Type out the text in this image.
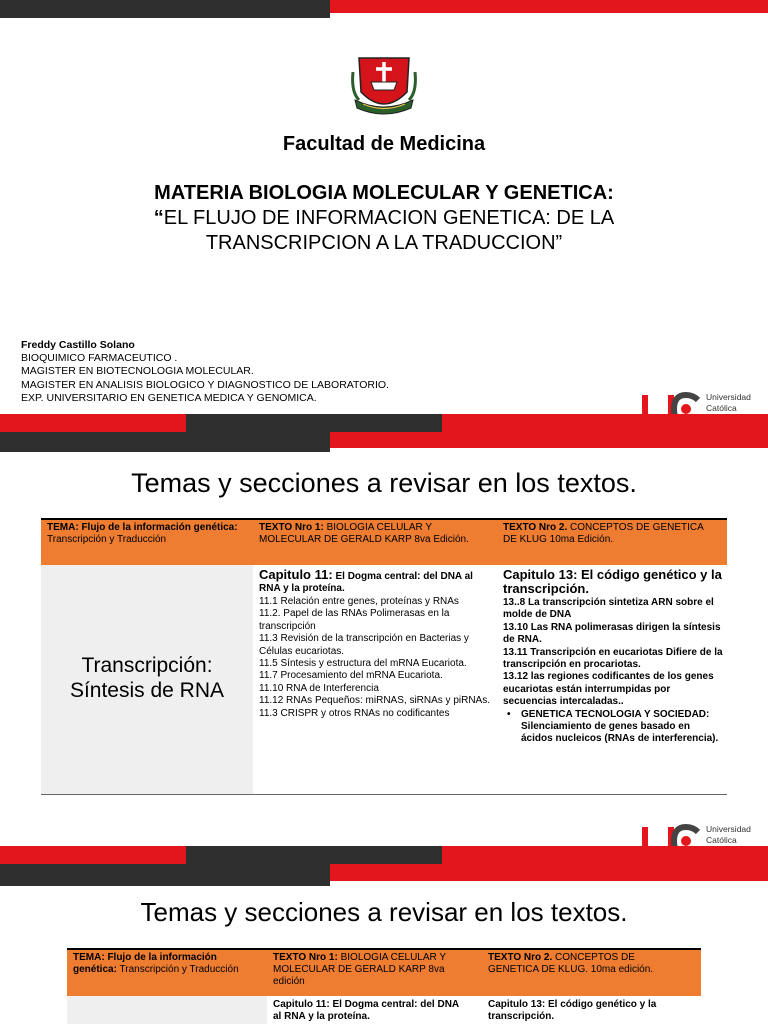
Facultad de Medicina
MATERIA BIOLOGIA MOLECULAR Y GENETICA:
“EL FLUJO DE INFORMACION GENETICA: DE LA TRANSCRIPCION A LA TRADUCCION”
Freddy Castillo Solano
BIOQUIMICO FARMACEUTICO .
MAGISTER EN BIOTECNOLOGIA MOLECULAR.
MAGISTER EN ANALISIS BIOLOGICO Y DIAGNOSTICO DE LABORATORIO.
EXP. UNIVERSITARIO EN GENETICA MEDICA Y GENOMICA.	Universidad
Católica
Temas y secciones a revisar en los textos.
TEMA: Flujo de la información genética: Transcripción y Traducción
TEXTO Nro 1: BIOLOGIA CELULAR Y MOLECULAR DE GERALD KARP 8va Edición.
TEXTO Nro 2. CONCEPTOS DE GENETICA DE KLUG 10ma Edición.
Transcripción: Síntesis de RNA
Capitulo 11: El Dogma central: del DNA al RNA y la proteína.
11.1 Relación entre genes, proteínas y RNAs
11.2. Papel de las RNAs Polimerasas en la transcripción
11.3 Revisión de la transcripción en Bacterias y Células eucariotas.
11.5 Síntesis y estructura del mRNA Eucariota.
11.7 Procesamiento del mRNA Eucariota.
11.10 RNA de Interferencia
11.12 RNAs Pequeños: miRNAS, siRNAs y piRNAs.
11.3 CRISPR y otros RNAs no codificantes
Capitulo 13: El código genético y la transcripción.
13..8 La transcripción sintetiza ARN sobre el molde de DNA
13.10 Las RNA polimerasas dirigen la síntesis de RNA.
13.11 Transcripción en eucariotas Difiere de la transcripción en procariotas.
13.12 las regiones codificantes de los genes eucariotas están interrumpidas por secuencias intercaladas..
• GENETICA TECNOLOGIA Y SOCIEDAD: Silenciamiento de genes basado en ácidos nucleicos (RNAs de interferencia).
Universidad
Católica
Temas y secciones a revisar en los textos.
TEMA: Flujo de la información genética: Transcripción y Traducción
TEXTO Nro 1: BIOLOGIA CELULAR Y MOLECULAR DE GERALD KARP 8va edición
TEXTO Nro 2. CONCEPTOS DE GENETICA DE KLUG. 10ma edición.
Capitulo 11: El Dogma central: del DNA al RNA y la proteína.
Capitulo 13: El código genético y la transcripción.
